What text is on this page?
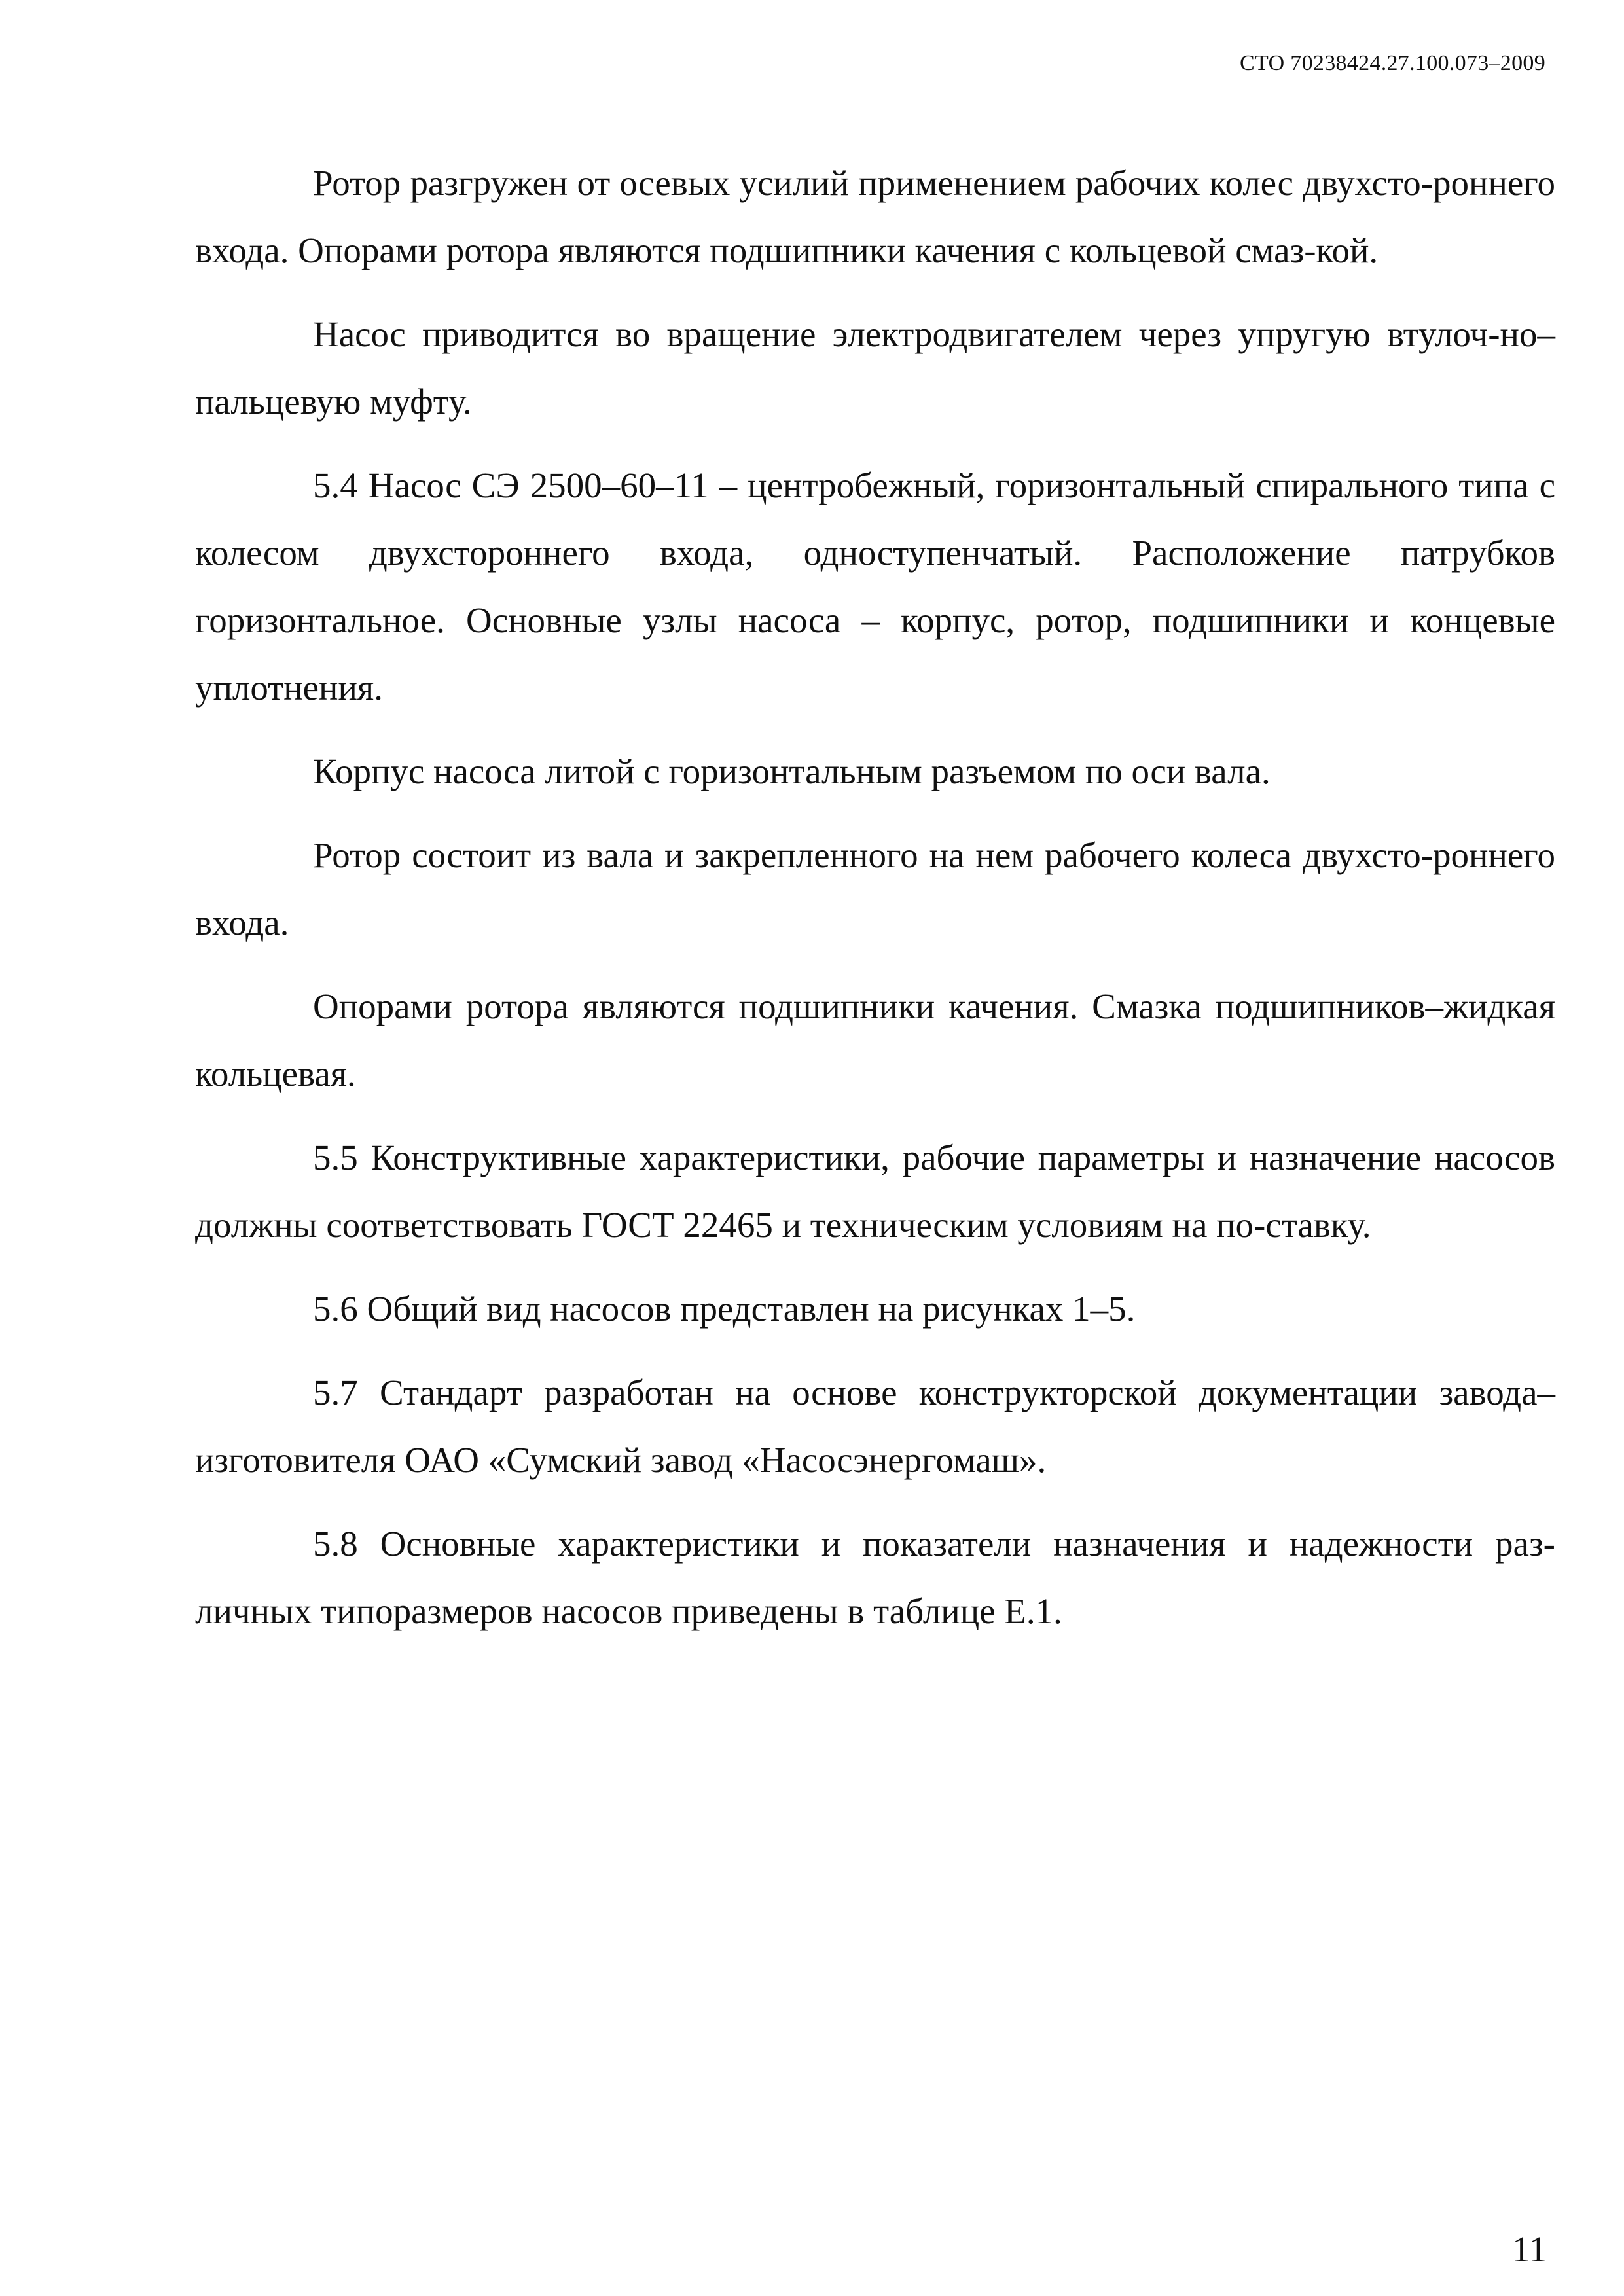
СТО 70238424.27.100.073–2009

Ротор разгружен от осевых усилий применением рабочих колес двухсто-роннего входа. Опорами ротора являются подшипники качения с кольцевой смаз-кой.

Насос приводится во вращение электродвигателем через упругую втулоч-но–пальцевую муфту.

5.4 Насос СЭ 2500–60–11 – центробежный, горизонтальный спирального типа с колесом двухстороннего входа, одноступенчатый. Расположение патрубков горизонтальное. Основные узлы насоса – корпус, ротор, подшипники и концевые уплотнения.

Корпус насоса литой с горизонтальным разъемом по оси вала.

Ротор состоит из вала и закрепленного на нем рабочего колеса двухсто-роннего входа.

Опорами ротора являются подшипники качения. Смазка подшипников–жидкая кольцевая.

5.5 Конструктивные характеристики, рабочие параметры и назначение насосов должны соответствовать ГОСТ 22465 и техническим условиям на по-ставку.

5.6 Общий вид насосов представлен на рисунках 1–5.

5.7 Стандарт разработан на основе конструкторской документации завода–изготовителя ОАО «Сумский завод «Насосэнергомаш».

5.8 Основные характеристики и показатели назначения и надежности раз-личных типоразмеров насосов приведены в таблице Е.1.

11
